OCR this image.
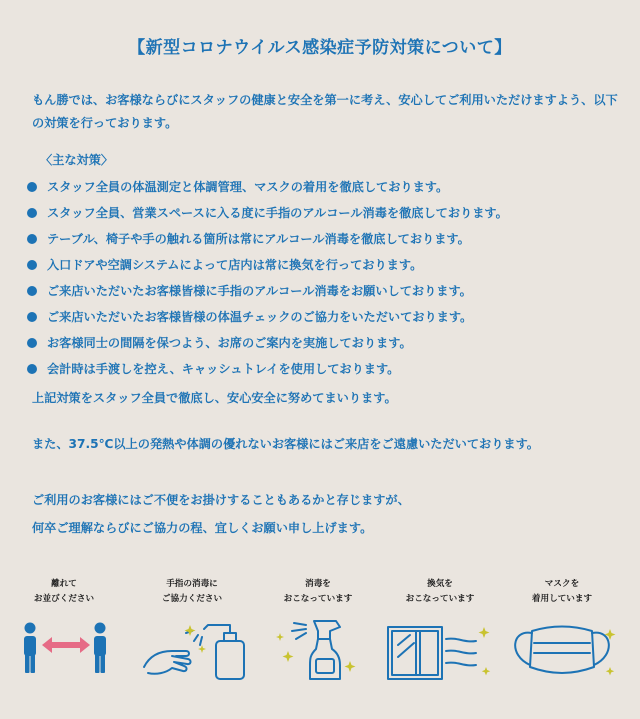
【新型コロナウイルス感染症予防対策について】

もん勝では、お客様ならびにスタッフの健康と安全を第一に考え、安心してご利用いただけますよう、以下の対策を行っております。

〈主な対策〉

スタッフ全員の体温測定と体調管理、マスクの着用を徹底しております。
スタッフ全員、営業スペースに入る度に手指のアルコール消毒を徹底しております。
テーブル、椅子や手の触れる箇所は常にアルコール消毒を徹底しております。
入口ドアや空調システムによって店内は常に換気を行っております。
ご来店いただいたお客様皆様に手指のアルコール消毒をお願いしております。
ご来店いただいたお客様皆様の体温チェックのご協力をいただいております。
お客様同士の間隔を保つよう、お席のご案内を実施しております。
会計時は手渡しを控え、キャッシュトレイを使用しております。

上記対策をスタッフ全員で徹底し、安心安全に努めてまいります。

また、37.5℃以上の発熱や体調の優れないお客様にはご来店をご遠慮いただいております。

ご利用のお客様にはご不便をお掛けすることもあるかと存じますが、

何卒ご理解ならびにご協力の程、宜しくお願い申し上げます。

離れて
お並びください
手指の消毒に
ご協力ください
消毒を
おこなっています
換気を
おこなっています
マスクを
着用しています
